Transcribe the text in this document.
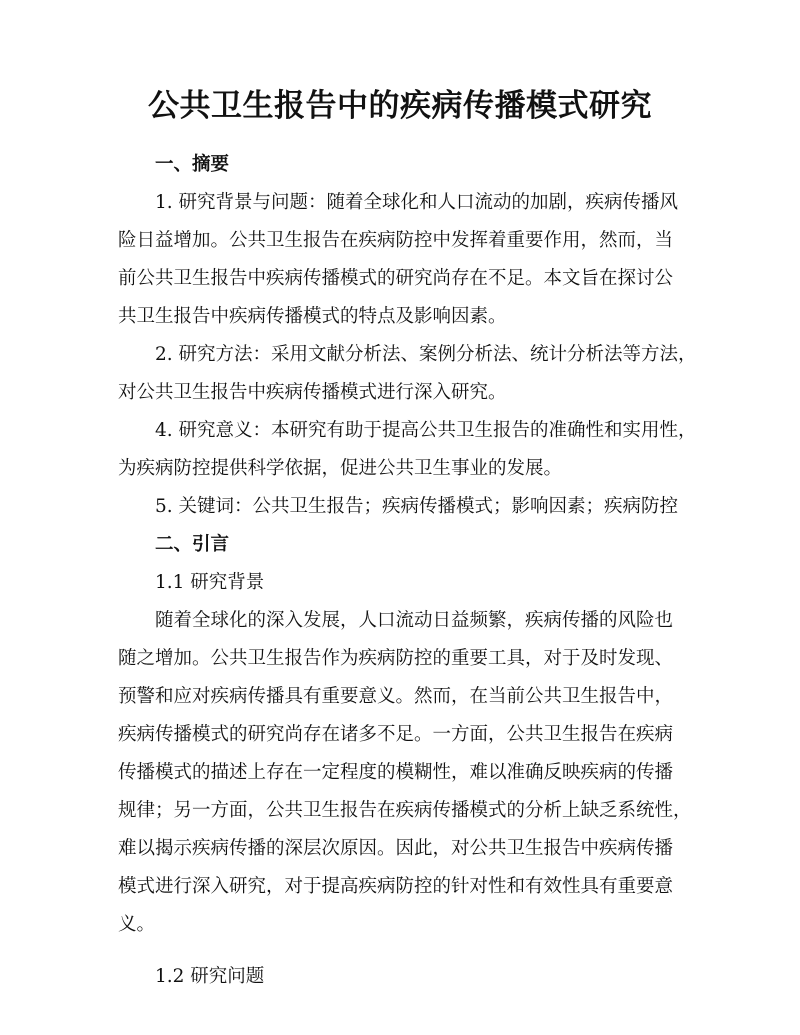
公共卫生报告中的疾病传播模式研究
一、摘要
1. 研究背景与问题：随着全球化和人口流动的加剧，疾病传播风
险日益增加。公共卫生报告在疾病防控中发挥着重要作用，然而，当
前公共卫生报告中疾病传播模式的研究尚存在不足。本文旨在探讨公
共卫生报告中疾病传播模式的特点及影响因素。
2. 研究方法：采用文献分析法、案例分析法、统计分析法等方法，
对公共卫生报告中疾病传播模式进行深入研究。
4. 研究意义：本研究有助于提高公共卫生报告的准确性和实用性，
为疾病防控提供科学依据，促进公共卫生事业的发展。
5. 关键词：公共卫生报告；疾病传播模式；影响因素；疾病防控
二、引言
1.1 研究背景
随着全球化的深入发展，人口流动日益频繁，疾病传播的风险也
随之增加。公共卫生报告作为疾病防控的重要工具，对于及时发现、
预警和应对疾病传播具有重要意义。然而，在当前公共卫生报告中，
疾病传播模式的研究尚存在诸多不足。一方面，公共卫生报告在疾病
传播模式的描述上存在一定程度的模糊性，难以准确反映疾病的传播
规律；另一方面，公共卫生报告在疾病传播模式的分析上缺乏系统性，
难以揭示疾病传播的深层次原因。因此，对公共卫生报告中疾病传播
模式进行深入研究，对于提高疾病防控的针对性和有效性具有重要意
义。
1.2 研究问题
